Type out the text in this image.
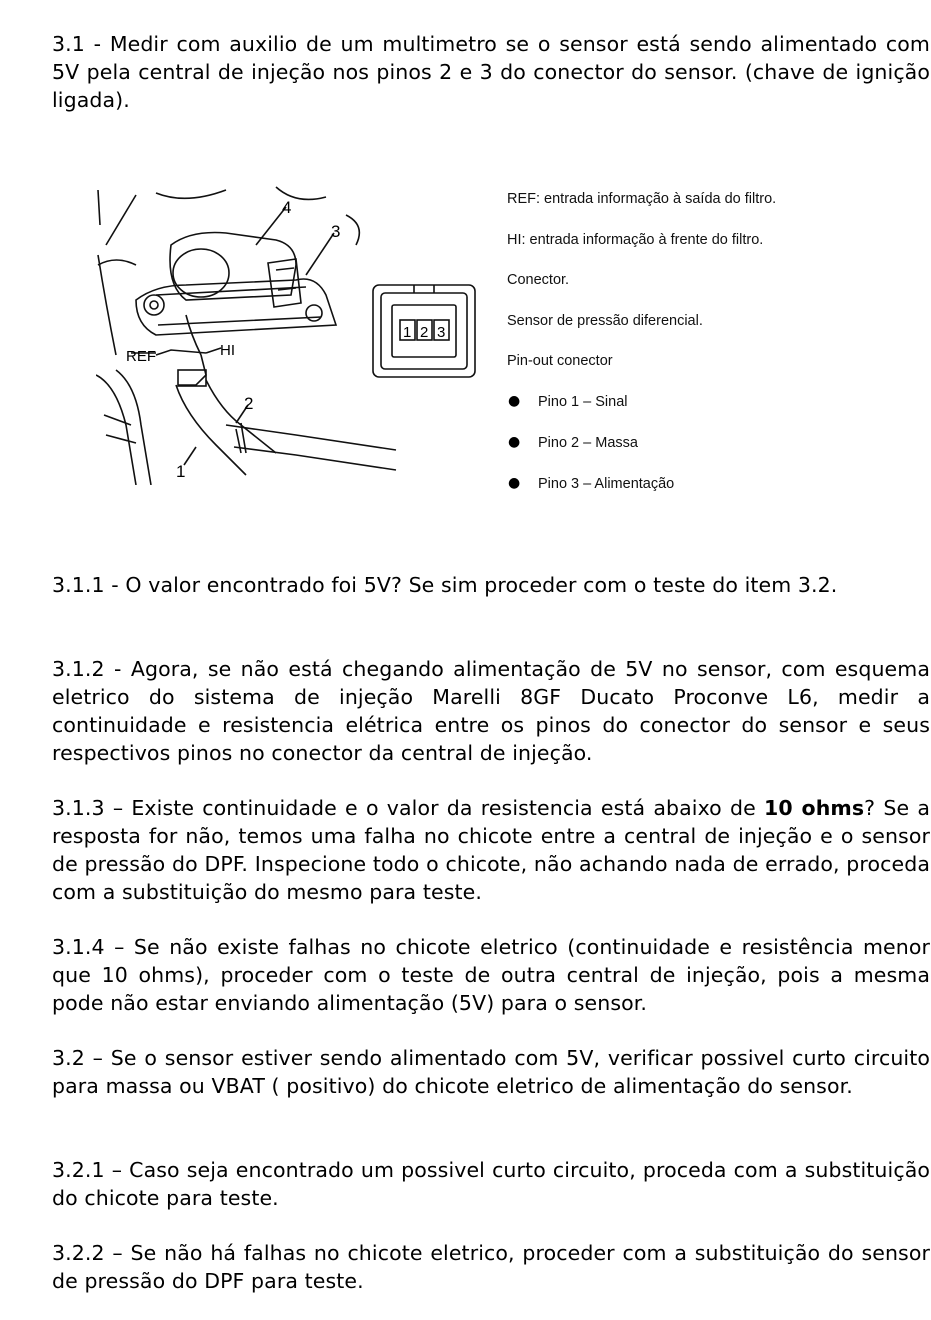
3.1 - Medir com auxilio de um multimetro se o sensor está sendo alimentado com 5V pela central de injeção nos pinos 2 e 3 do conector do sensor. (chave de ignição ligada).
4
3
2
1
REF	HI
1 2 3
REF: entrada informação à saída do filtro.
HI: entrada informação à frente do filtro.
Conector.
Sensor de pressão diferencial.
Pin-out conector
● Pino 1 – Sinal
● Pino 2 – Massa
● Pino 3 – Alimentação
3.1.1 - O valor encontrado foi 5V? Se sim proceder com o teste do item 3.2.
3.1.2 - Agora, se não está chegando alimentação de 5V no sensor, com esquema eletrico do sistema de injeção Marelli 8GF Ducato Proconve L6, medir a continuidade e resistencia elétrica entre os pinos do conector do sensor e seus respectivos pinos no conector da central de injeção.
3.1.3 – Existe continuidade e o valor da resistencia está abaixo de 10 ohms? Se a resposta for não, temos uma falha no chicote entre a central de injeção e o sensor de pressão do DPF. Inspecione todo o chicote, não achando nada de errado, proceda com a substituição do mesmo para teste.
3.1.4 – Se não existe falhas no chicote eletrico (continuidade e resistência menor que 10 ohms), proceder com o teste de outra central de injeção, pois a mesma pode não estar enviando alimentação (5V) para o sensor.
3.2 – Se o sensor estiver sendo alimentado com 5V, verificar possivel curto circuito para massa ou VBAT ( positivo) do chicote eletrico de alimentação do sensor.
3.2.1 – Caso seja encontrado um possivel curto circuito, proceda com a substituição do chicote para teste.
3.2.2 – Se não há falhas no chicote eletrico, proceder com a substituição do sensor de pressão do DPF para teste.
